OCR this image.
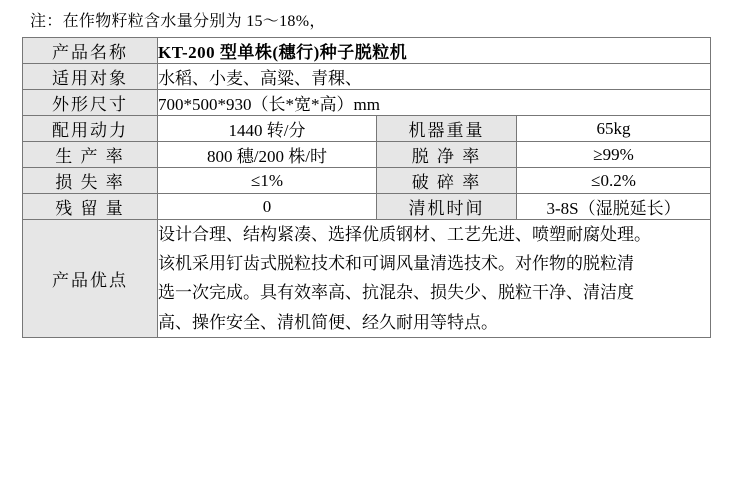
注：在作物籽粒含水量分别为 15～18%，
产品名称	KT-200 型单株(穗行)种子脱粒机		
适用对象	水稻、小麦、高粱、青稞、		
外形尺寸	700*500*930（长*宽*高）mm		
配用动力	1440 转/分	机器重量	65kg
生 产 率	800 穗/200 株/时	脱 净 率	≥99%
损 失 率	≤1%	破 碎 率	≤0.2%
残 留 量	0	清机时间	3-8S（湿脱延长）
产品优点	设计合理、结构紧凑、选择优质钢材、工艺先进、喷塑耐腐处理。

该机采用钉齿式脱粒技术和可调风量清选技术。对作物的脱粒清

选一次完成。具有效率高、抗混杂、损失少、脱粒干净、清洁度

高、操作安全、清机简便、经久耐用等特点。		
